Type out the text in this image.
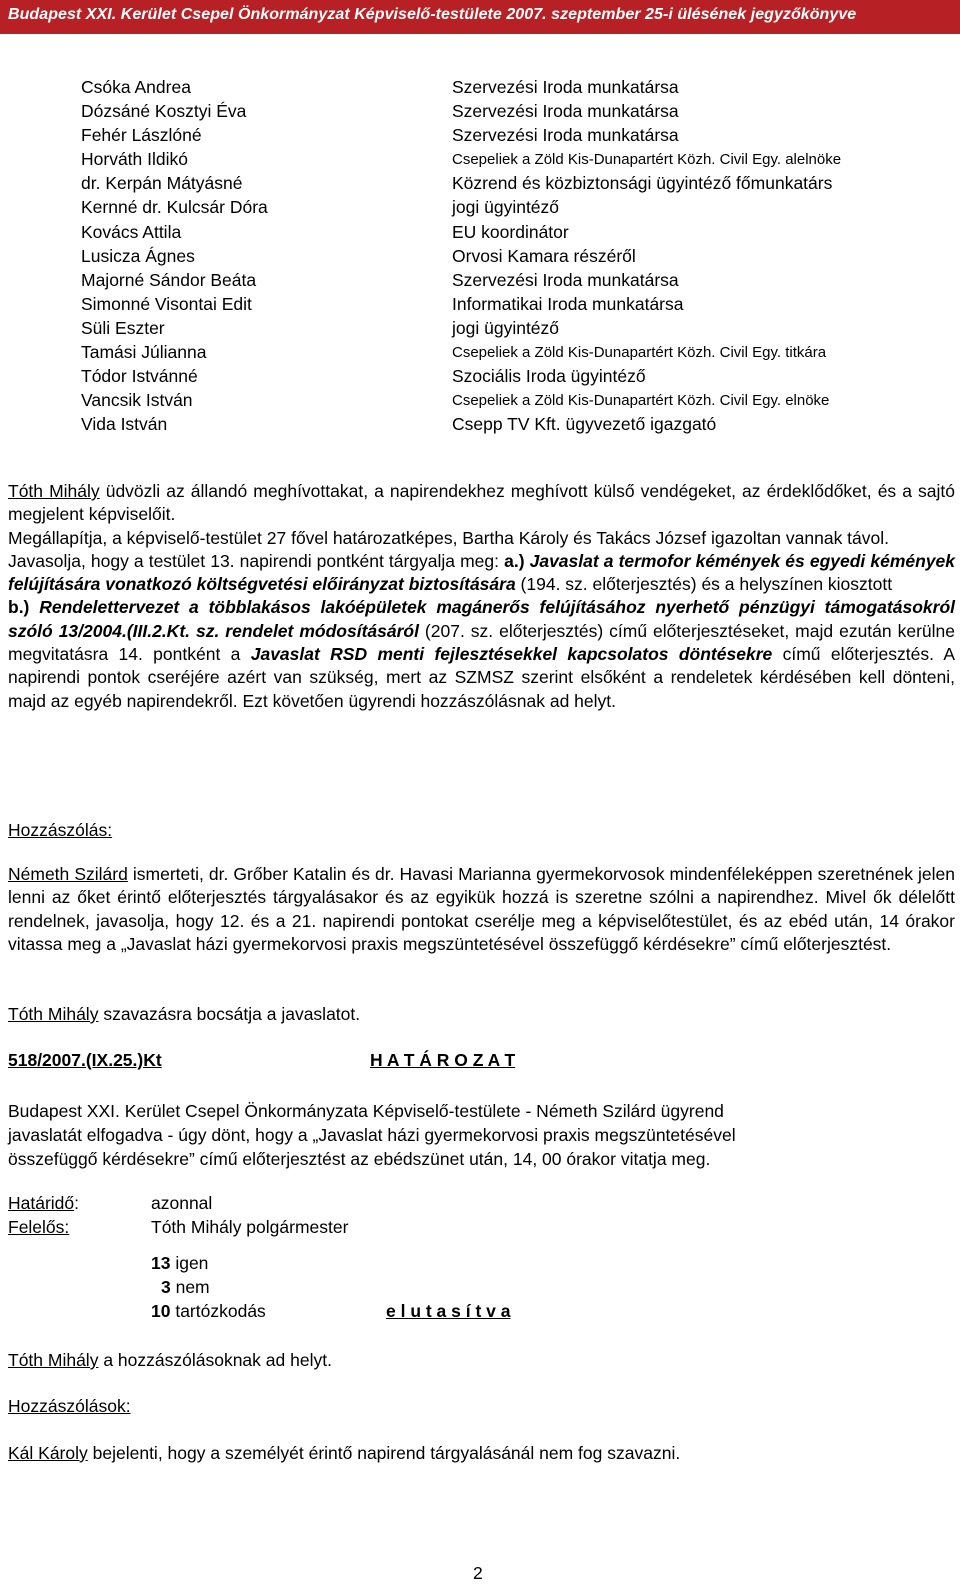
Budapest XXI. Kerület Csepel Önkormányzat Képviselő-testülete 2007. szeptember 25-i ülésének jegyzőkönyve
Csóka Andrea	Szervezési Iroda munkatársa
Dózsáné Kosztyi Éva	Szervezési Iroda munkatársa
Fehér Lászlóné	Szervezési Iroda munkatársa
Horváth Ildikó	Csepeliek a Zöld Kis-Dunapartért Közh. Civil Egy. alelnöke
dr. Kerpán Mátyásné	Közrend és közbiztonsági ügyintéző főmunkatárs
Kernné dr. Kulcsár Dóra	jogi ügyintéző
Kovács Attila	EU koordinátor
Lusicza Ágnes	Orvosi Kamara részéről
Majorné Sándor Beáta	Szervezési Iroda munkatársa
Simonné Visontai Edit	Informatikai Iroda munkatársa
Süli Eszter	jogi ügyintéző
Tamási Júlianna	Csepeliek a Zöld Kis-Dunapartért Közh. Civil Egy. titkára
Tódor Istvánné	Szociális Iroda ügyintéző
Vancsik István	Csepeliek a Zöld Kis-Dunapartért Közh. Civil Egy. elnöke
Vida István	Csepp TV Kft. ügyvezető igazgató
Tóth Mihály üdvözli az állandó meghívottakat, a napirendekhez meghívott külső vendégeket, az érdeklődőket, és a sajtó megjelent képviselőit.
Megállapítja, a képviselő-testület 27 fővel határozatképes, Bartha Károly és Takács József igazoltan vannak távol.
Javasolja, hogy a testület 13. napirendi pontként tárgyalja meg: a.) Javaslat a termofor kémények és egyedi kémények felújítására vonatkozó költségvetési előirányzat biztosítására (194. sz. előterjesztés) és a helyszínen kiosztott
b.) Rendelettervezet a többlakásos lakóépületek magánerős felújításához nyerhető pénzügyi támogatásokról szóló 13/2004.(III.2.Kt. sz. rendelet módosításáról (207. sz. előterjesztés) című előterjesztéseket, majd ezután kerülne megvitatásra 14. pontként a Javaslat RSD menti fejlesztésekkel kapcsolatos döntésekre című előterjesztés. A napirendi pontok cseréjére azért van szükség, mert az SZMSZ szerint elsőként a rendeletek kérdésében kell dönteni, majd az egyéb napirendekről. Ezt követően ügyrendi hozzászólásnak ad helyt.
Hozzászólás:
Németh Szilárd ismerteti, dr. Grőber Katalin és dr. Havasi Marianna gyermekorvosok mindenféleképpen szeretnének jelen lenni az őket érintő előterjesztés tárgyalásakor és az egyikük hozzá is szeretne szólni a napirendhez. Mivel ők délelőtt rendelnek, javasolja, hogy 12. és a 21. napirendi pontokat cserélje meg a képviselőtestület, és az ebéd után, 14 órakor vitassa meg a „Javaslat házi gyermekorvosi praxis megszüntetésével összefüggő kérdésekre” című előterjesztést.
Tóth Mihály szavazásra bocsátja a javaslatot.
518/2007.(IX.25.)Kt	H A T Á R O Z A T
Budapest XXI. Kerület Csepel Önkormányzata Képviselő-testülete - Németh Szilárd ügyrend
javaslatát elfogadva - úgy dönt, hogy a „Javaslat házi gyermekorvosi praxis megszüntetésével
összefüggő kérdésekre” című előterjesztést az ebédszünet után, 14, 00 órakor vitatja meg.
Határidő:	azonnal
Felelős:	Tóth Mihály polgármester
13 igen
3 nem
10 tartózkodás	e l u t a s í t v a
Tóth Mihály a hozzászólásoknak ad helyt.
Hozzászólások:
Kál Károly bejelenti, hogy a személyét érintő napirend tárgyalásánál nem fog szavazni.
2
